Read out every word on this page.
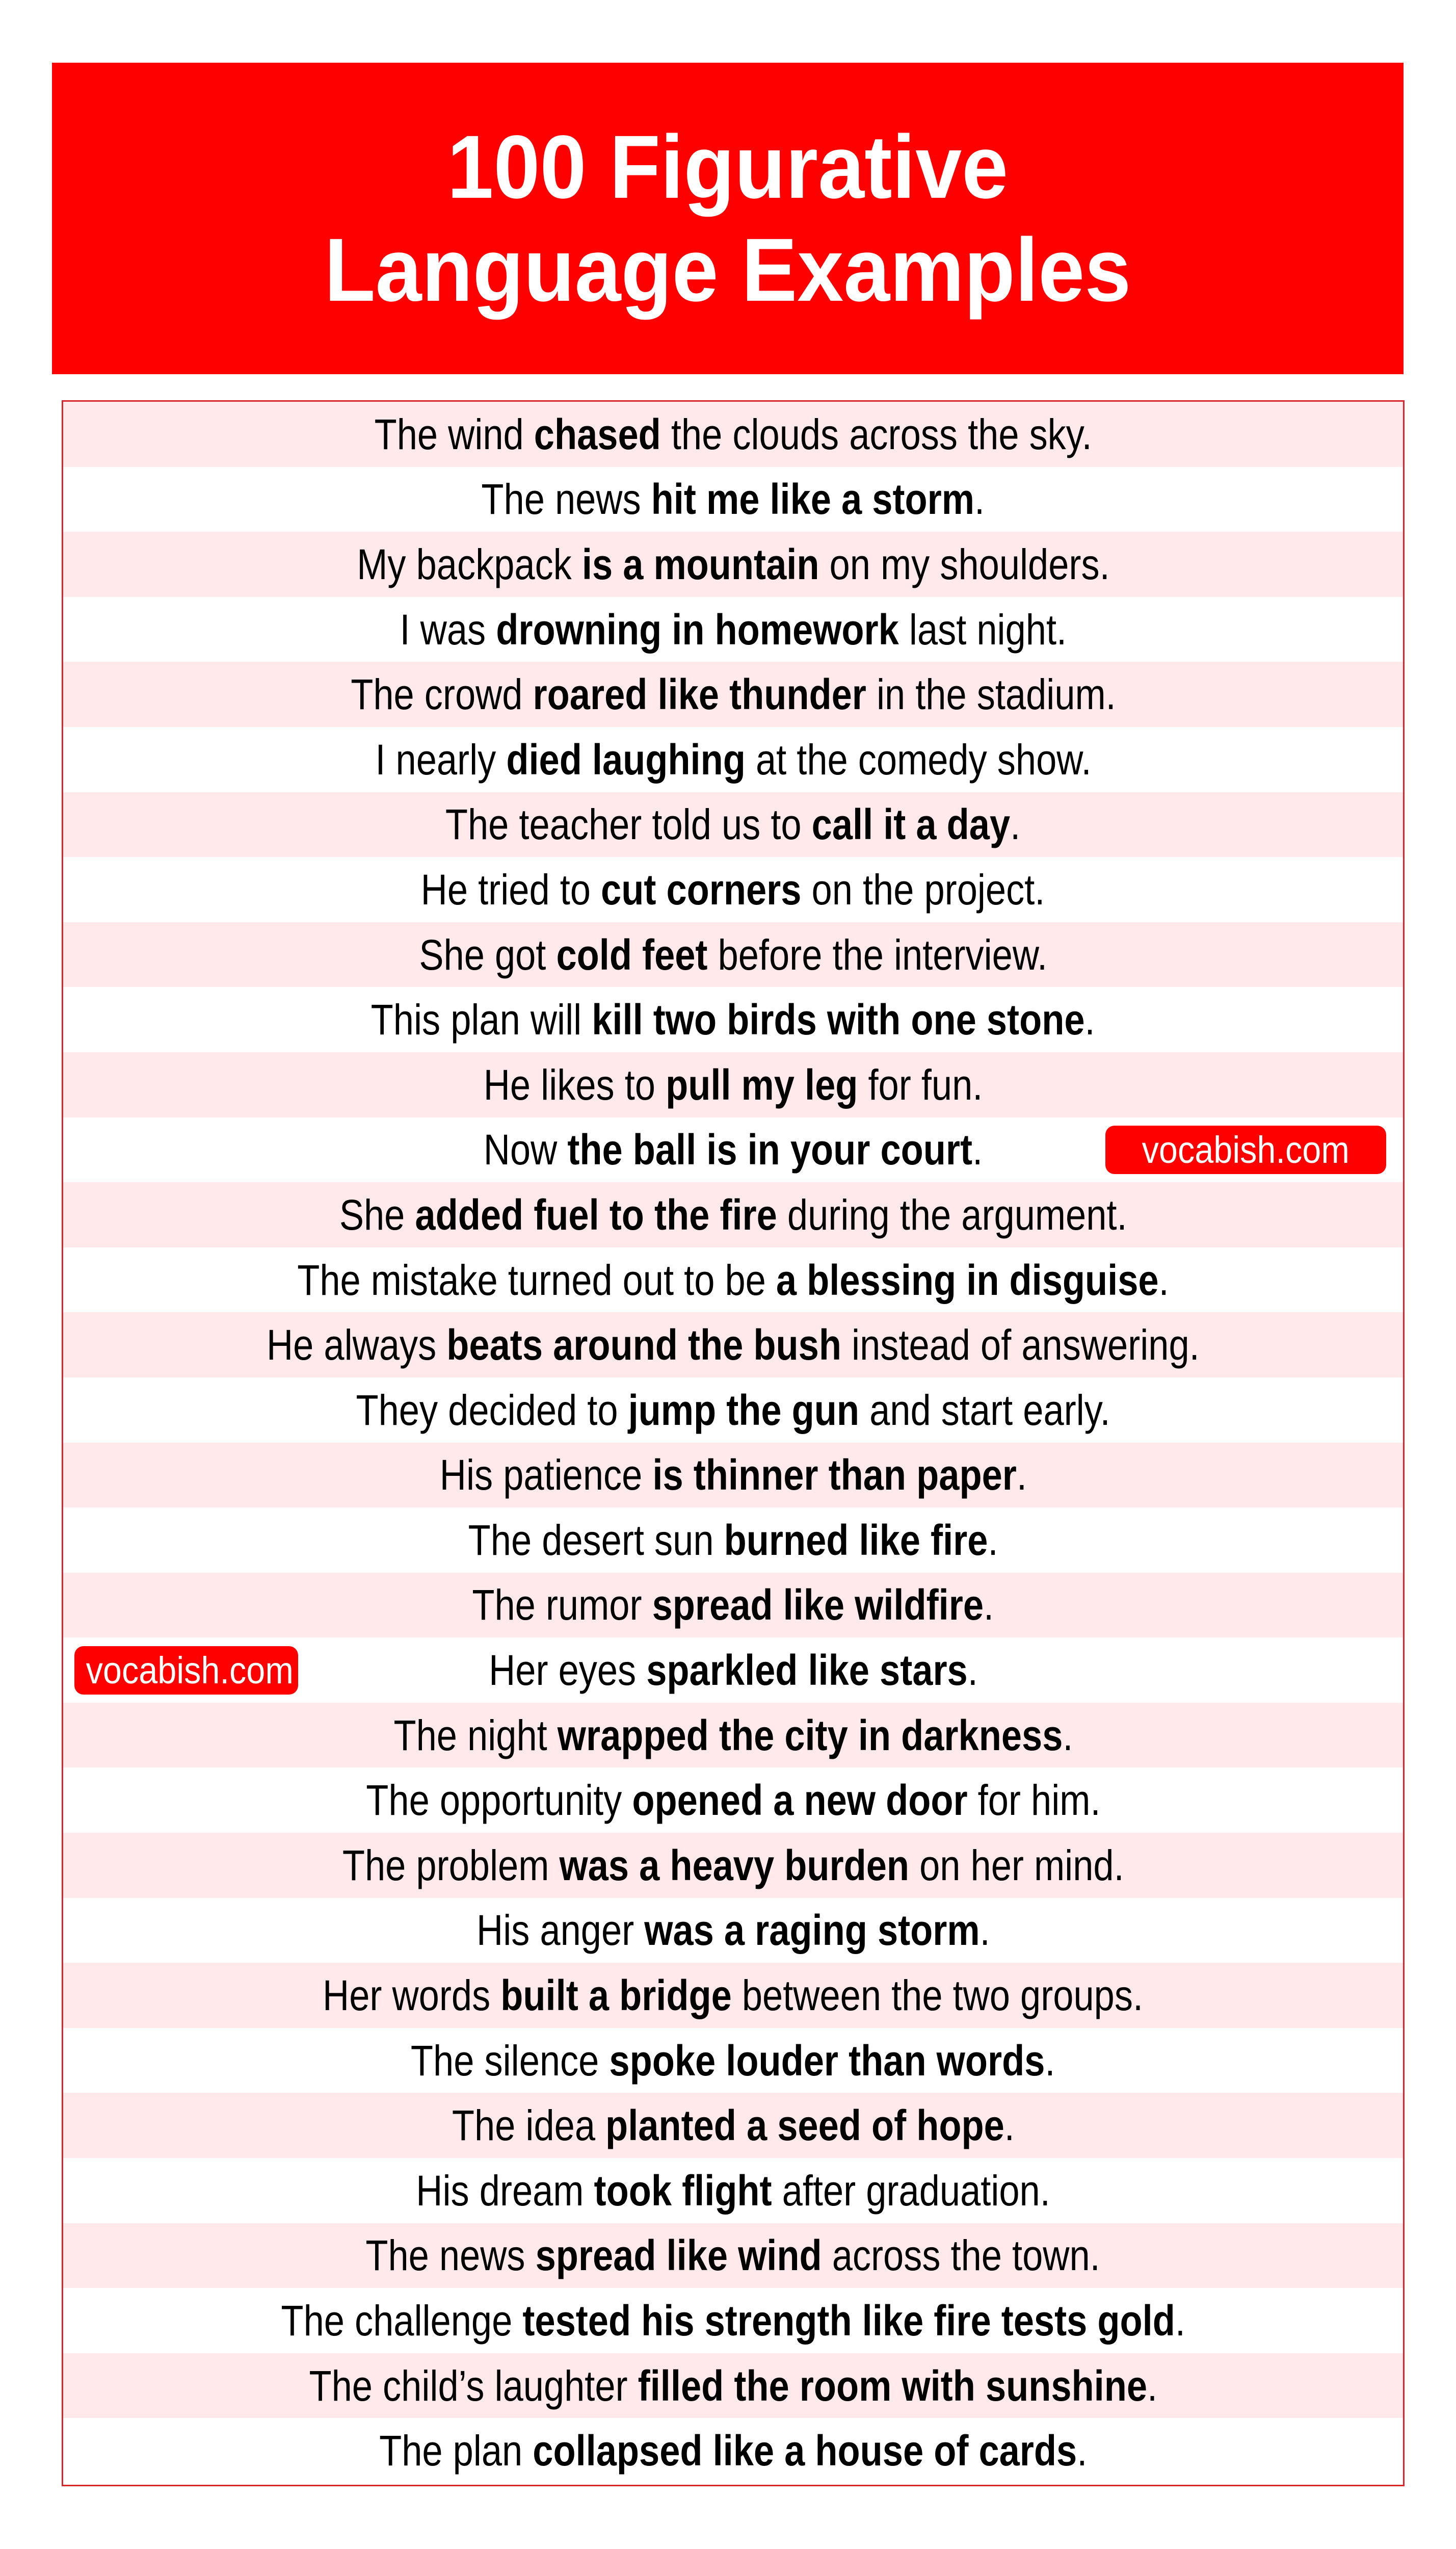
100 Figurative
Language Examples
The wind chased the clouds across the sky.
The news hit me like a storm.
My backpack is a mountain on my shoulders.
I was drowning in homework last night.
The crowd roared like thunder in the stadium.
I nearly died laughing at the comedy show.
The teacher told us to call it a day.
He tried to cut corners on the project.
She got cold feet before the interview.
This plan will kill two birds with one stone.
He likes to pull my leg for fun.
Now the ball is in your court.	vocabish.com
She added fuel to the fire during the argument.
The mistake turned out to be a blessing in disguise.
He always beats around the bush instead of answering.
They decided to jump the gun and start early.
His patience is thinner than paper.
The desert sun burned like fire.
The rumor spread like wildfire.
Her eyes sparkled like stars.
vocabish.com
The night wrapped the city in darkness.
The opportunity opened a new door for him.
The problem was a heavy burden on her mind.
His anger was a raging storm.
Her words built a bridge between the two groups.
The silence spoke louder than words.
The idea planted a seed of hope.
His dream took flight after graduation.
The news spread like wind across the town.
The challenge tested his strength like fire tests gold.
The child’s laughter filled the room with sunshine.
The plan collapsed like a house of cards.
